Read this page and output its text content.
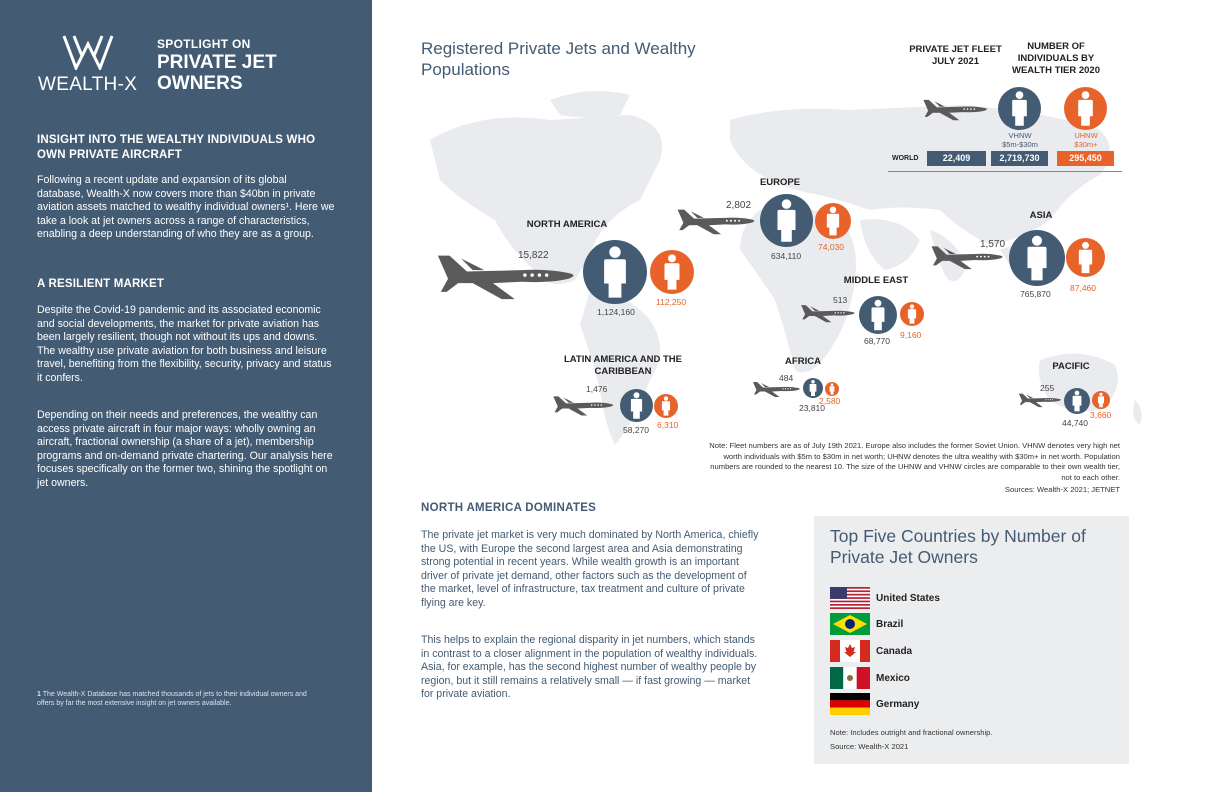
WEALTH-X
SPOTLIGHT ON
PRIVATE JET OWNERS
INSIGHT INTO THE WEALTHY INDIVIDUALS WHO OWN PRIVATE AIRCRAFT
Following a recent update and expansion of its global database, Wealth-X now covers more than $40bn in private aviation assets matched to wealthy individual owners¹. Here we take a look at jet owners across a range of characteristics, enabling a deep understanding of who they are as a group.
A RESILIENT MARKET
Despite the Covid-19 pandemic and its associated economic and social developments, the market for private aviation has been largely resilient, though not without its ups and downs. The wealthy use private aviation for both business and leisure travel, benefiting from the flexibility, security, privacy and status it confers.
Depending on their needs and preferences, the wealthy can access private aircraft in four major ways: wholly owning an aircraft, fractional ownership (a share of a jet), membership programs and on-demand private chartering. Our analysis here focuses specifically on the former two, shining the spotlight on jet owners.
1 The Wealth-X Database has matched thousands of jets to their individual owners and offers by far the most extensive insight on jet owners available.
Registered Private Jets and Wealthy Populations
PRIVATE JET FLEET JULY 2021
NUMBER OF INDIVIDUALS BY WEALTH TIER 2020
VHNW
$5m-$30m
UHNW
$30m+
WORLD	22,409	2,719,730	295,450
NORTH AMERICA
15,822
1,124,160
112,250
EUROPE
2,802
634,110
74,030
ASIA
1,570
765,870
87,460
MIDDLE EAST
513
68,770
9,160
LATIN AMERICA AND THE CARIBBEAN
1,476
58,270 6,310
AFRICA
484
23,810
2,580
PACIFIC
255
44,740
3,660
Note: Fleet numbers are as of July 19th 2021. Europe also includes the former Soviet Union. VHNW denotes very high net worth individuals with $5m to $30m in net worth; UHNW denotes the ultra wealthy with $30m+ in net worth. Population numbers are rounded to the nearest 10. The size of the UHNW and VHNW circles are comparable to their own wealth tier, not to each other.
Sources: Wealth-X 2021; JETNET
NORTH AMERICA DOMINATES
The private jet market is very much dominated by North America, chiefly the US, with Europe the second largest area and Asia demonstrating strong potential in recent years. While wealth growth is an important driver of private jet demand, other factors such as the development of the market, level of infrastructure, tax treatment and culture of private flying are key.
This helps to explain the regional disparity in jet numbers, which stands in contrast to a closer alignment in the population of wealthy individuals. Asia, for example, has the second highest number of wealthy people by region, but it still remains a relatively small — if fast growing — market for private aviation.
Top Five Countries by Number of Private Jet Owners
United States
Brazil
Canada
Mexico
Germany
Note: Includes outright and fractional ownership.
Source: Wealth-X 2021
